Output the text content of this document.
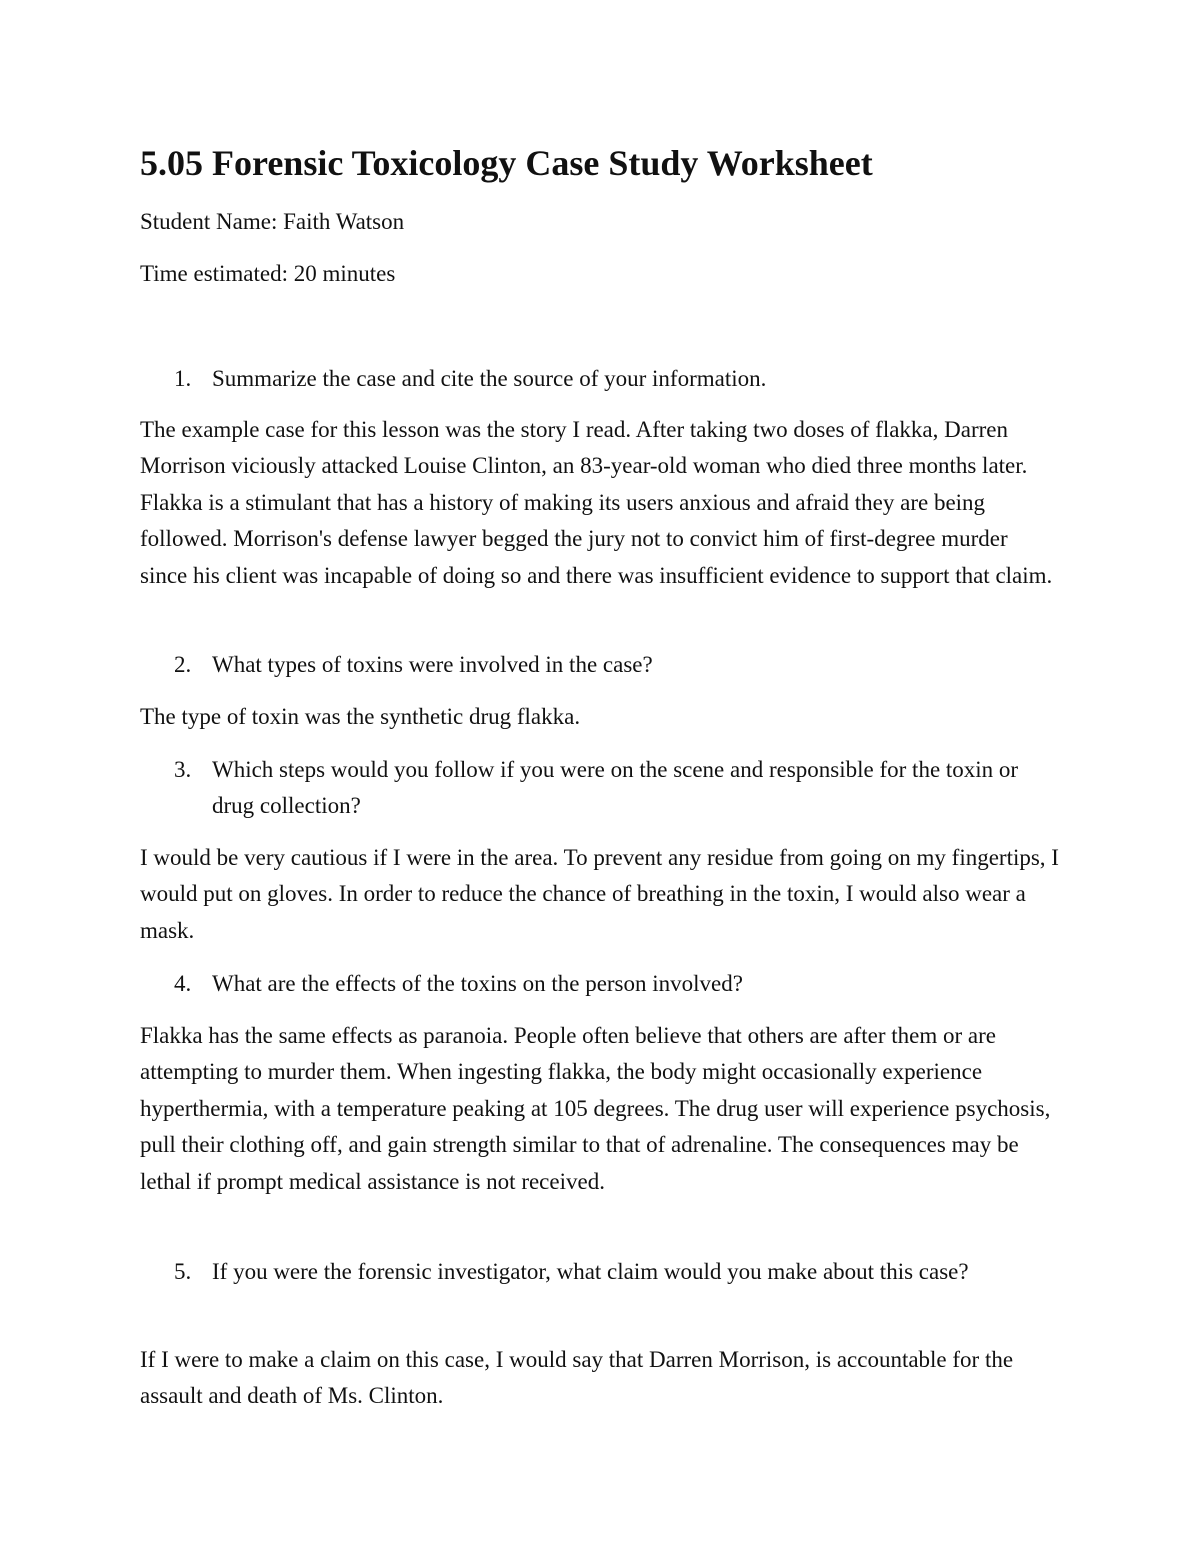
5.05 Forensic Toxicology Case Study Worksheet

Student Name: Faith Watson

Time estimated: 20 minutes

1. Summarize the case and cite the source of your information.

The example case for this lesson was the story I read. After taking two doses of flakka, Darren Morrison viciously attacked Louise Clinton, an 83-year-old woman who died three months later. Flakka is a stimulant that has a history of making its users anxious and afraid they are being followed. Morrison's defense lawyer begged the jury not to convict him of first-degree murder since his client was incapable of doing so and there was insufficient evidence to support that claim.

2. What types of toxins were involved in the case?

The type of toxin was the synthetic drug flakka.

3. Which steps would you follow if you were on the scene and responsible for the toxin or drug collection?

I would be very cautious if I were in the area. To prevent any residue from going on my fingertips, I would put on gloves. In order to reduce the chance of breathing in the toxin, I would also wear a mask.

4. What are the effects of the toxins on the person involved?

Flakka has the same effects as paranoia. People often believe that others are after them or are attempting to murder them. When ingesting flakka, the body might occasionally experience hyperthermia, with a temperature peaking at 105 degrees. The drug user will experience psychosis, pull their clothing off, and gain strength similar to that of adrenaline. The consequences may be lethal if prompt medical assistance is not received.

5. If you were the forensic investigator, what claim would you make about this case?

If I were to make a claim on this case, I would say that Darren Morrison, is accountable for the assault and death of Ms. Clinton.
